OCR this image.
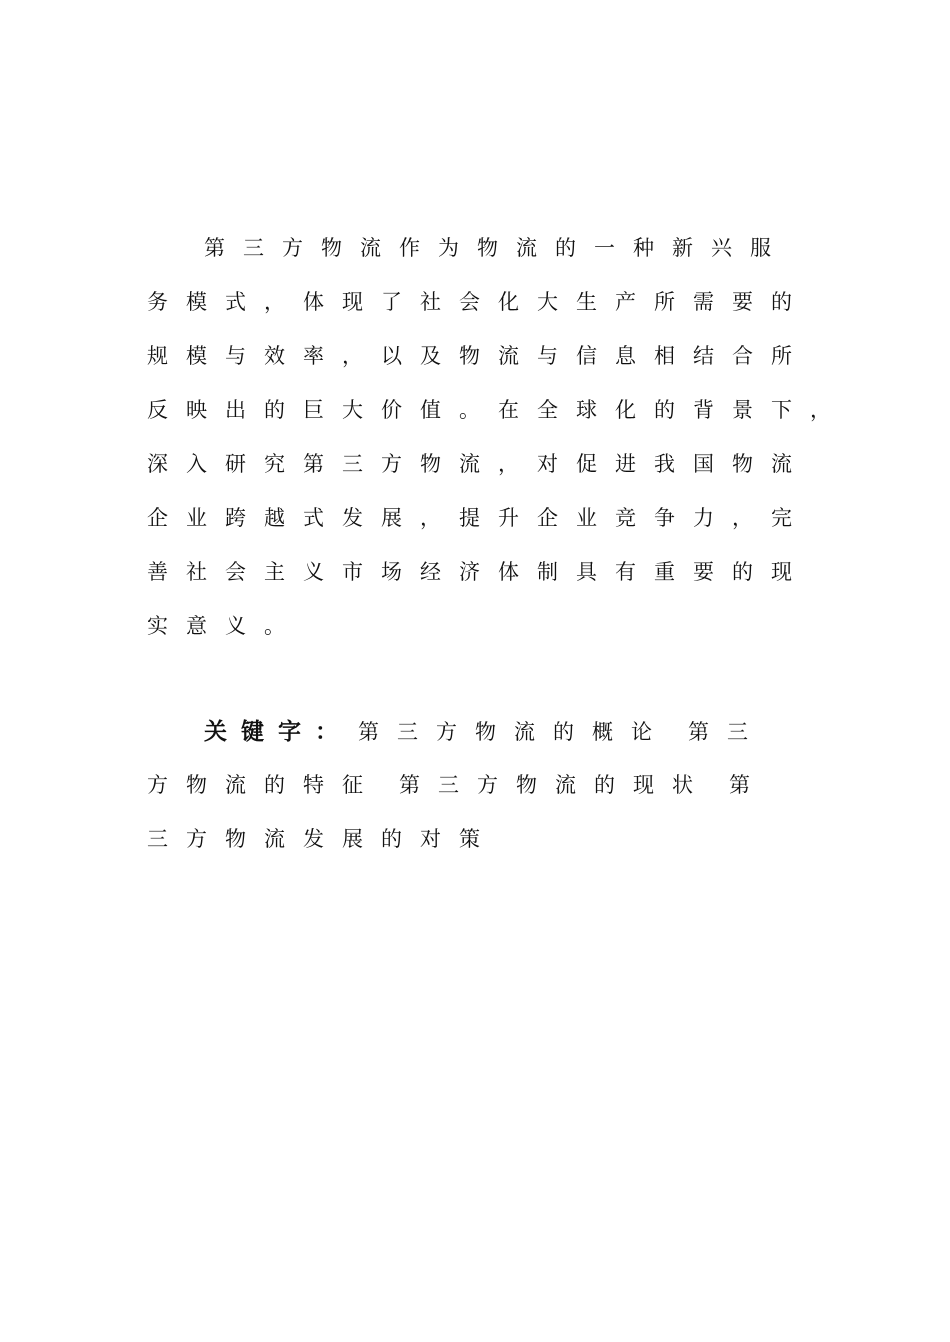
第三方物流作为物流的一种新兴服
务模式，体现了社会化大生产所需要的
规模与效率，以及物流与信息相结合所
反映出的巨大价值。在全球化的背景下，
深入研究第三方物流，对促进我国物流
企业跨越式发展，提升企业竞争力，完
善社会主义市场经济体制具有重要的现
实意义。
关键字： 第三方物流的概论 第三
方物流的特征 第三方物流的现状 第
三方物流发展的对策
